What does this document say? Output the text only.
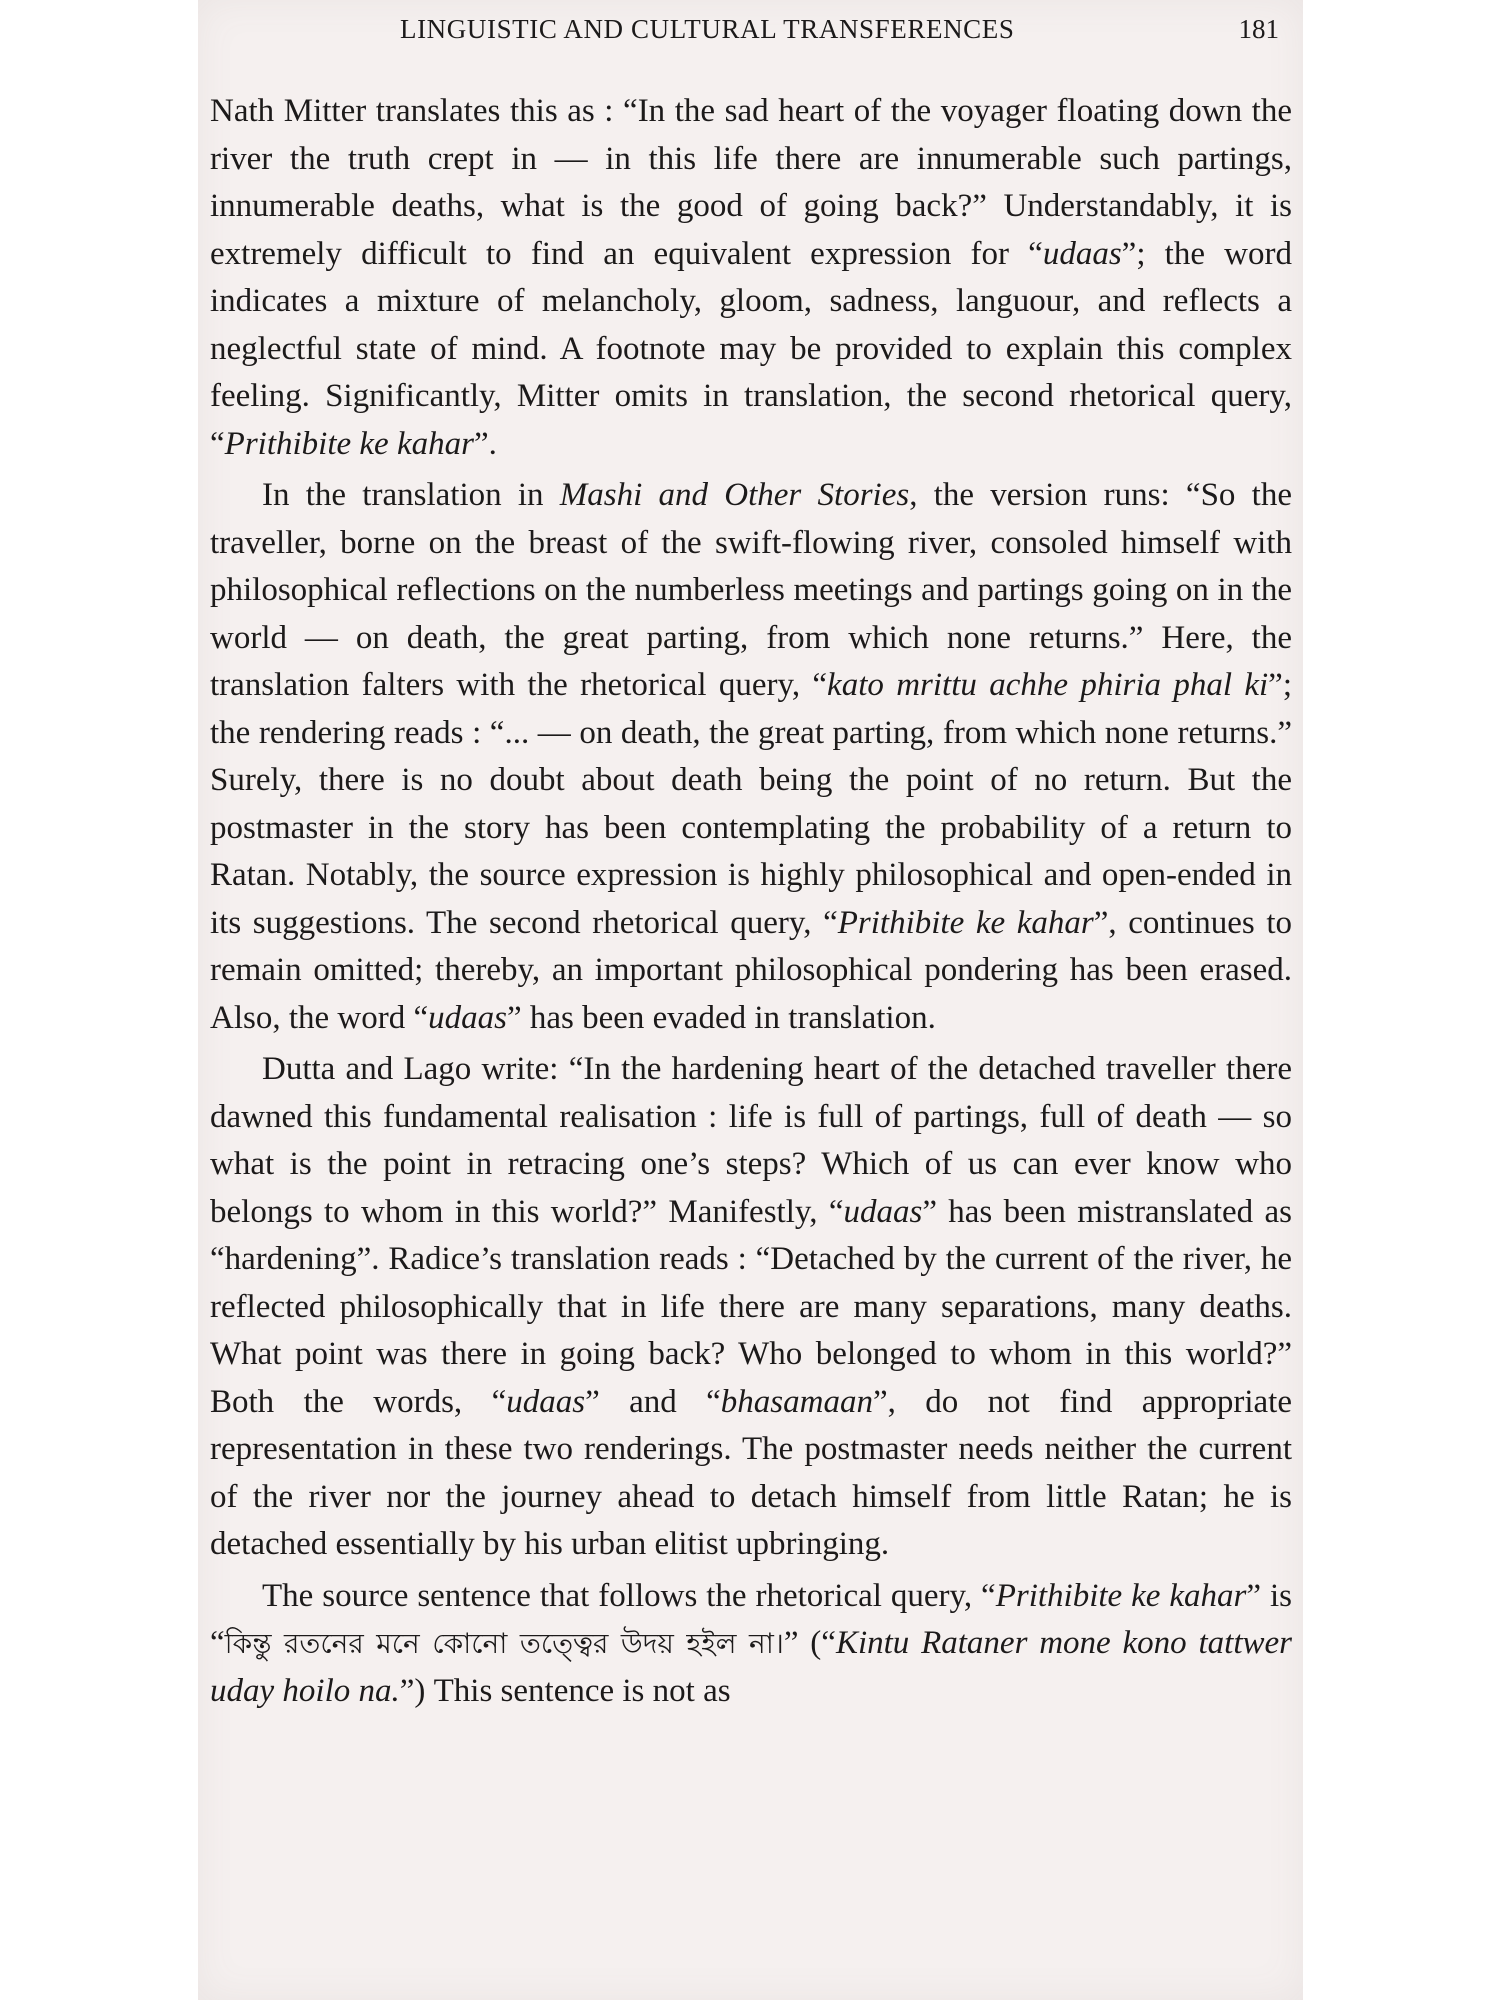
LINGUISTIC AND CULTURAL TRANSFERENCES	181

Nath Mitter translates this as : “In the sad heart of the voyager floating down the river the truth crept in — in this life there are innumerable such partings, innumerable deaths, what is the good of going back?” Understandably, it is extremely difficult to find an equivalent expression for “udaas”; the word indicates a mixture of melancholy, gloom, sadness, languour, and reflects a neglectful state of mind. A footnote may be provided to explain this complex feeling. Significantly, Mitter omits in translation, the second rhetorical query, “Prithibite ke kahar”.

In the translation in Mashi and Other Stories, the version runs: “So the traveller, borne on the breast of the swift-flowing river, consoled himself with philosophical reflections on the numberless meetings and partings going on in the world — on death, the great parting, from which none returns.” Here, the translation falters with the rhetorical query, “kato mrittu achhe phiria phal ki”; the rendering reads : “... — on death, the great parting, from which none returns.” Surely, there is no doubt about death being the point of no return. But the postmaster in the story has been contemplating the probability of a return to Ratan. Notably, the source expression is highly philosophical and open-ended in its suggestions. The second rhetorical query, “Prithibite ke kahar”, continues to remain omitted; thereby, an important philosophical pondering has been erased. Also, the word “udaas” has been evaded in translation.

Dutta and Lago write: “In the hardening heart of the detached traveller there dawned this fundamental realisation : life is full of partings, full of death — so what is the point in retracing one’s steps? Which of us can ever know who belongs to whom in this world?” Manifestly, “udaas” has been mistranslated as “hardening”. Radice’s translation reads : “Detached by the current of the river, he reflected philosophically that in life there are many separations, many deaths. What point was there in going back? Who belonged to whom in this world?” Both the words, “udaas” and “bhasamaan”, do not find appropriate representation in these two renderings. The postmaster needs neither the current of the river nor the journey ahead to detach himself from little Ratan; he is detached essentially by his urban elitist upbringing.

The source sentence that follows the rhetorical query, “Prithibite ke kahar” is “কিন্তু রতনের মনে কোনো তত্ত্বের উদয় হইল না।” (“Kintu Rataner mone kono tattwer uday hoilo na.”) This sentence is not as
